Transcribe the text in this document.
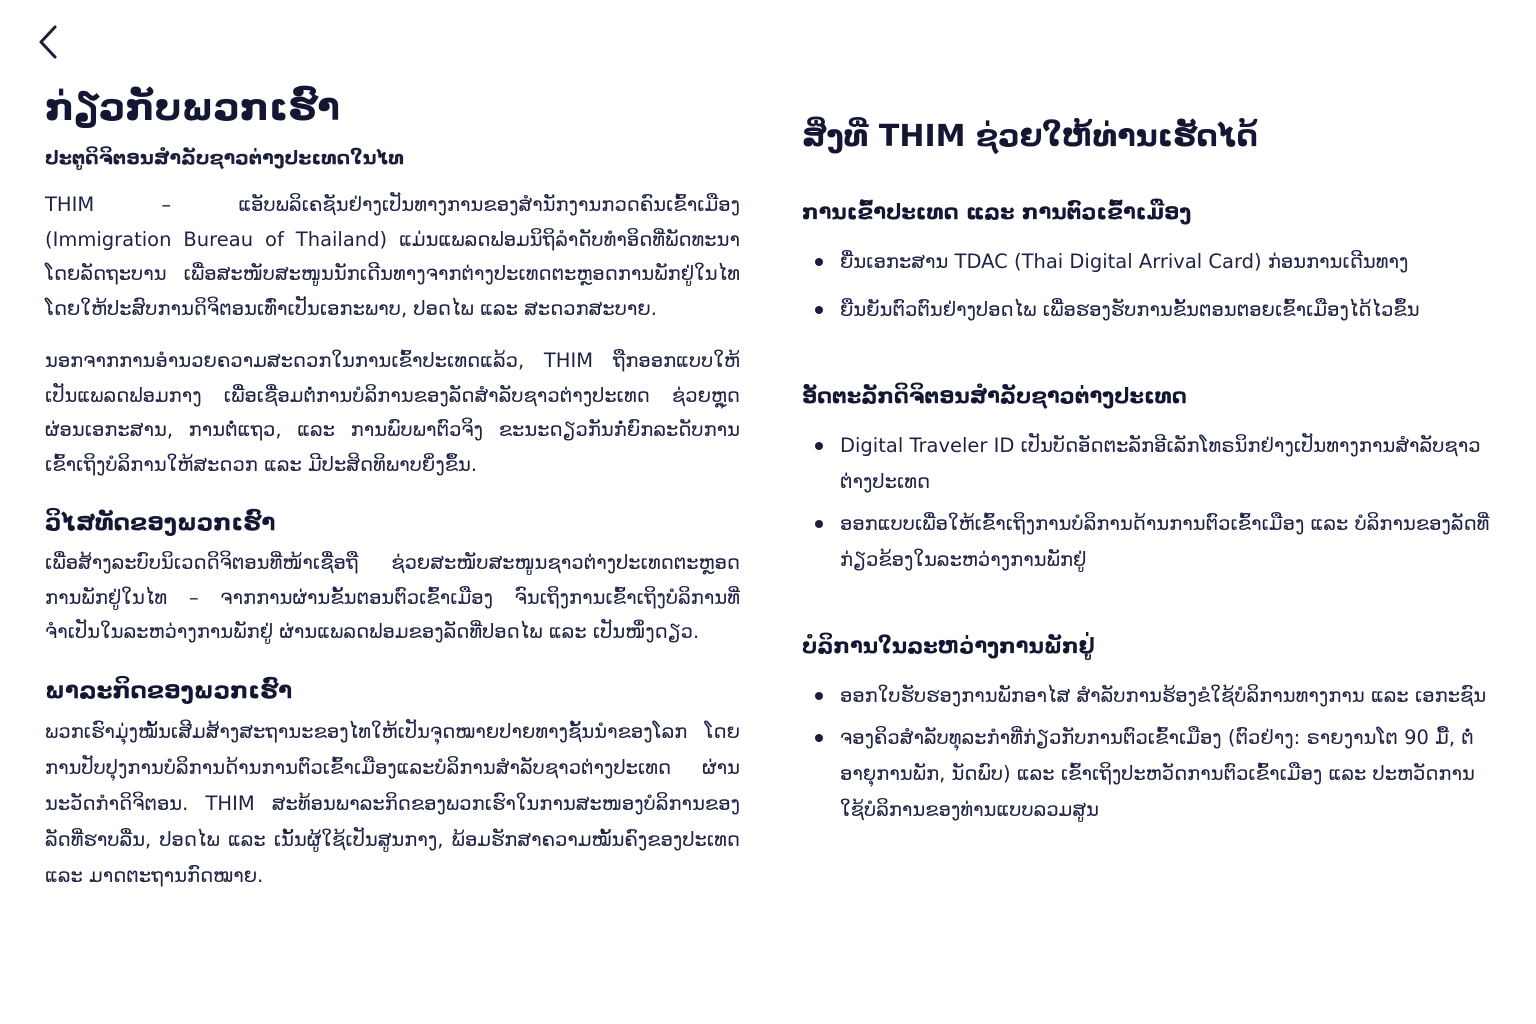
ກ່ຽວກັບພວກເຮົາ
ປະຕູດິຈິຕອນສຳລັບຊາວຕ່າງປະເທດໃນໄທ

THIM – ແອັບພລິເຄຊັນຢ່າງເປັນທາງການຂອງສຳນັກງານກວດຄົນເຂົ້າເມືອງ (Immigration Bureau of Thailand) ແມ່ນແພລດຟອມນິຖິລຳດັບທຳອິດທີ່ພັດທະນາໂດຍລັດຖະບານ ເພື່ອສະໜັບສະໜູນນັກເດີນທາງຈາກຕ່າງປະເທດຕະຫຼອດການພັກຢູ່ໃນໄທ ໂດຍໃຫ້ປະສົບການດິຈິຕອນເທົ່າເປັນເອກະພາບ, ປອດໄພ ແລະ ສະດວກສະບາຍ.

ນອກຈາກການອຳນວຍຄວາມສະດວກໃນການເຂົ້າປະເທດແລ້ວ, THIM ຖືກອອກແບບໃຫ້ເປັນແພລດຟອມກາງ ເພື່ອເຊື່ອມຕໍ່ການບໍລິການຂອງລັດສຳລັບຊາວຕ່າງປະເທດ ຊ່ວຍຫຼຸດຜ່ອນເອກະສານ, ການຕໍ່ແຖວ, ແລະ ການພົບພາຕົວຈິງ ຂະນະດຽວກັນກໍ່ຍົກລະດັບການເຂົ້າເຖິງບໍລິການໃຫ້ສະດວກ ແລະ ມີປະສິດທິພາບຍິ່ງຂຶ້ນ.

ວິໄສທັດຂອງພວກເຮົາ

ເພື່ອສ້າງລະບົບນິເວດດິຈິຕອນທີ່ໜ້າເຊື່ອຖື ຊ່ວຍສະໜັບສະໜູນຊາວຕ່າງປະເທດຕະຫຼອດການພັກຢູ່ໃນໄທ – ຈາກການຜ່ານຂັ້ນຕອນຕົວເຂົ້າເມືອງ ຈົນເຖິງການເຂົ້າເຖິງບໍລິການທີ່ຈຳເປັນໃນລະຫວ່າງການພັກຢູ່ ຜ່ານແພລດຟອມຂອງລັດທີ່ປອດໄພ ແລະ ເປັນໜຶ່ງດຽວ.

ພາລະກິດຂອງພວກເຮົາ

ພວກເຮົາມຸ່ງໝັ້ນເສີມສ້າງສະຖານະຂອງໄທໃຫ້ເປັນຈຸດໝາຍປາຍທາງຊັ້ນນຳຂອງໂລກ ໂດຍການປັບປຸງການບໍລິການດ້ານການຕົວເຂົ້າເມືອງແລະບໍລິການສຳລັບຊາວຕ່າງປະເທດ ຜ່ານນະວັດກຳດິຈິຕອນ. THIM ສະທ້ອນພາລະກິດຂອງພວກເຮົາໃນການສະໜອງບໍລິການຂອງລັດທີ່ຮາບລື່ນ, ປອດໄພ ແລະ ເນັ້ນຜູ້ໃຊ້ເປັນສູນກາງ, ພ້ອມຮັກສາຄວາມໝັ້ນຄົງຂອງປະເທດ ແລະ ມາດຕະຖານກົດໝາຍ.

ສິ່ງທີ່ THIM ຊ່ວຍໃຫ້ທ່ານເຮັດໄດ້
ການເຂົ້າປະເທດ ແລະ ການຕົວເຂົ້າເມືອງ
ຍື່ນເອກະສານ TDAC (Thai Digital Arrival Card) ກ່ອນການເດີນທາງ
ຍືນຍັນຕົວຕົນຢ່າງປອດໄພ ເພື່ອຮອງຮັບການຂັ້ນຕອນຕອຍເຂົ້າເມືອງໄດ້ໄວຂຶ້ນ
ອັດຕະລັກດິຈິຕອນສຳລັບຊາວຕ່າງປະເທດ
Digital Traveler ID ເປັນບັດອັດຕະລັກອີເລັກໂທຣນິກຢ່າງເປັນທາງການສຳລັບຊາວຕ່າງປະເທດ
ອອກແບບເພື່ອໃຫ້ເຂົ້າເຖິງການບໍລິການດ້ານການຕົວເຂົ້າເມືອງ ແລະ ບໍລິການຂອງລັດທີ່ກ່ຽວຂ້ອງໃນລະຫວ່າງການພັກຢູ່
ບໍລິການໃນລະຫວ່າງການພັກຢູ່
ອອກໃບຮັບຮອງການພັກອາໄສ ສຳລັບການຮ້ອງຂໍໃຊ້ບໍລິການທາງການ ແລະ ເອກະຊົນ
ຈອງຄິວສຳລັບທຸລະກຳທີ່ກ່ຽວກັບການຕົວເຂົ້າເມືອງ (ຕົວຢ່າງ: ຣາຍງານໂຕ 90 ມື້, ຕໍ່ອາຍຸການພັກ, ນັດພົບ) ແລະ ເຂົ້າເຖິງປະຫວັດການຕົວເຂົ້າເມືອງ ແລະ ປະຫວັດການໃຊ້ບໍລິການຂອງທ່ານແບບລວມສູນ
